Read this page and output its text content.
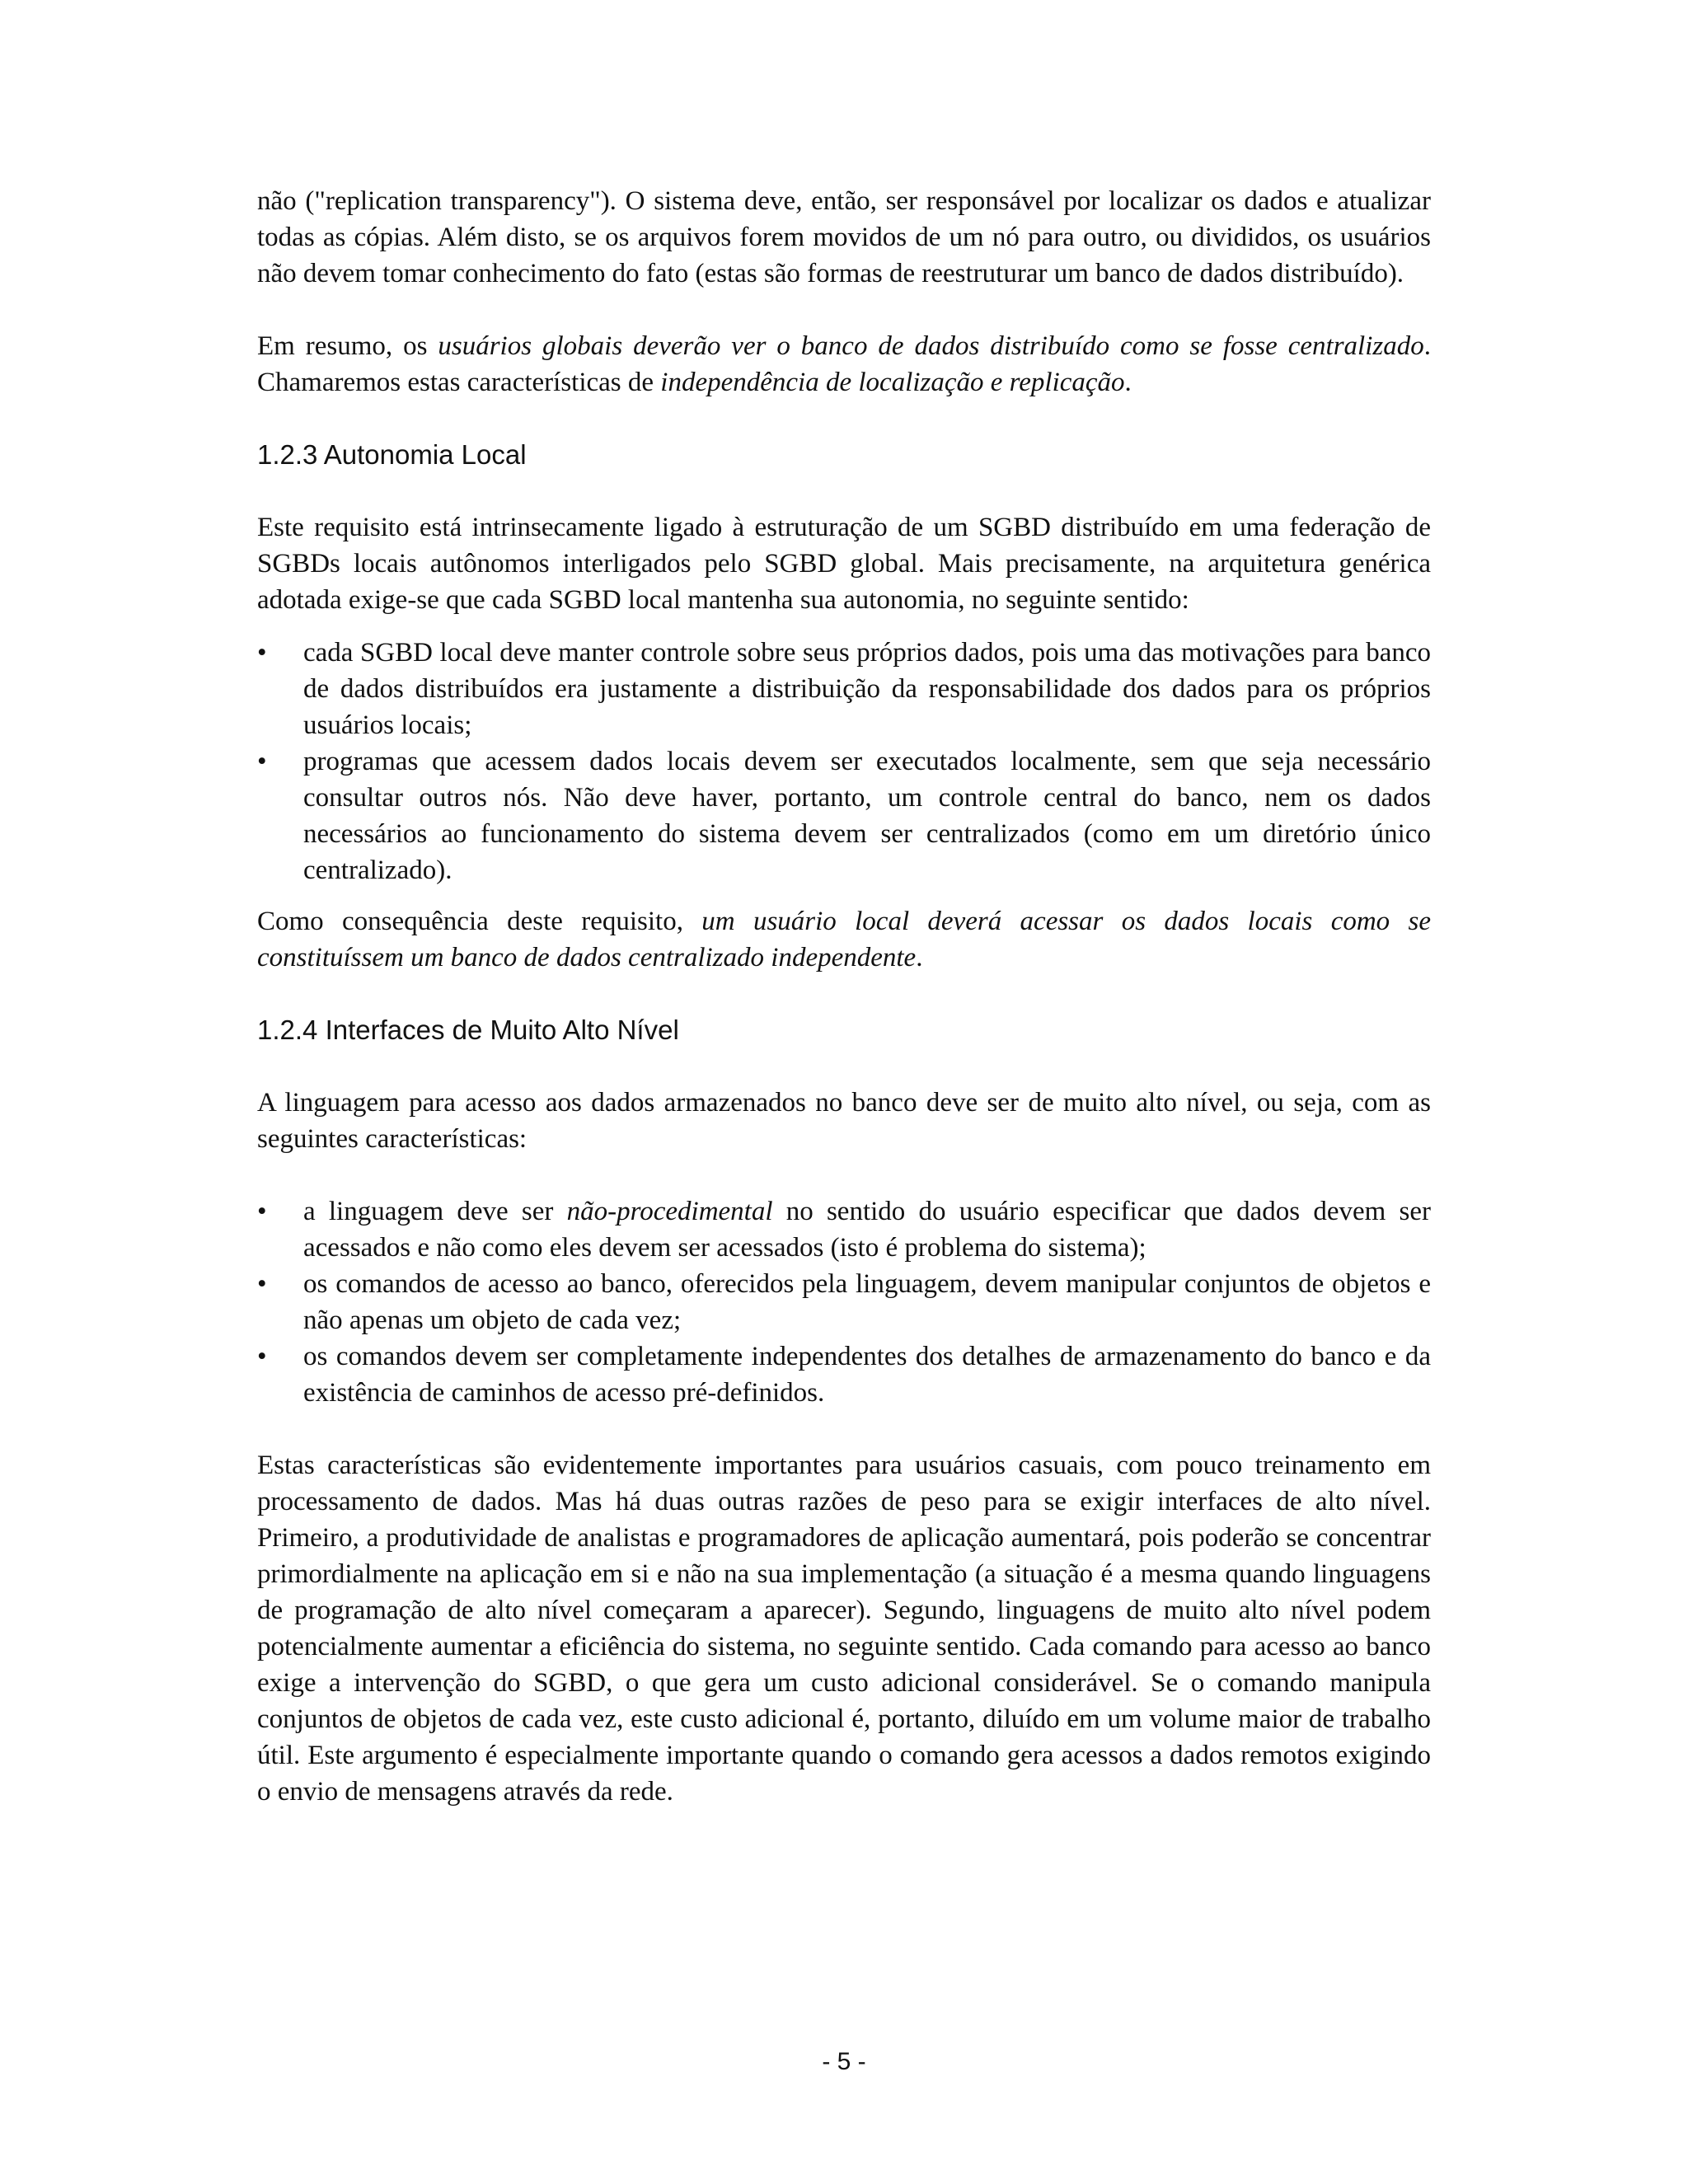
não ("replication transparency"). O sistema deve, então, ser responsável por localizar os dados e atualizar todas as cópias. Além disto, se os arquivos forem movidos de um nó para outro, ou divididos, os usuários não devem tomar conhecimento do fato (estas são formas de reestruturar um banco de dados distribuído).

Em resumo, os usuários globais deverão ver o banco de dados distribuído como se fosse centralizado. Chamaremos estas características de independência de localização e replicação.

1.2.3 Autonomia Local

Este requisito está intrinsecamente ligado à estruturação de um SGBD distribuído em uma federação de SGBDs locais autônomos interligados pelo SGBD global. Mais precisamente, na arquitetura genérica adotada exige-se que cada SGBD local mantenha sua autonomia, no seguinte sentido:

•	cada SGBD local deve manter controle sobre seus próprios dados, pois uma das motivações para banco de dados distribuídos era justamente a distribuição da responsabilidade dos dados para os próprios usuários locais;
•	programas que acessem dados locais devem ser executados localmente, sem que seja necessário consultar outros nós. Não deve haver, portanto, um controle central do banco, nem os dados necessários ao funcionamento do sistema devem ser centralizados (como em um diretório único centralizado).

Como consequência deste requisito, um usuário local deverá acessar os dados locais como se constituíssem um banco de dados centralizado independente.

1.2.4 Interfaces de Muito Alto Nível

A linguagem para acesso aos dados armazenados no banco deve ser de muito alto nível, ou seja, com as seguintes características:

•	a linguagem deve ser não-procedimental no sentido do usuário especificar que dados devem ser acessados e não como eles devem ser acessados (isto é problema do sistema);
•	os comandos de acesso ao banco, oferecidos pela linguagem, devem manipular conjuntos de objetos e não apenas um objeto de cada vez;
•	os comandos devem ser completamente independentes dos detalhes de armazenamento do banco e da existência de caminhos de acesso pré-definidos.

Estas características são evidentemente importantes para usuários casuais, com pouco treinamento em processamento de dados. Mas há duas outras razões de peso para se exigir interfaces de alto nível. Primeiro, a produtividade de analistas e programadores de aplicação aumentará, pois poderão se concentrar primordialmente na aplicação em si e não na sua implementação (a situação é a mesma quando linguagens de programação de alto nível começaram a aparecer). Segundo, linguagens de muito alto nível podem potencialmente aumentar a eficiência do sistema, no seguinte sentido. Cada comando para acesso ao banco exige a intervenção do SGBD, o que gera um custo adicional considerável. Se o comando manipula conjuntos de objetos de cada vez, este custo adicional é, portanto, diluído em um volume maior de trabalho útil. Este argumento é especialmente importante quando o comando gera acessos a dados remotos exigindo o envio de mensagens através da rede.

- 5 -
